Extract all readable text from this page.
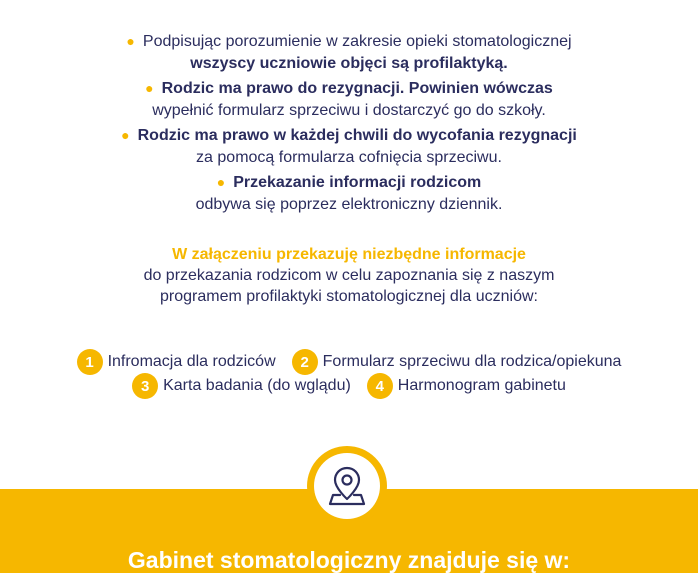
● Podpisując porozumienie w zakresie opieki stomatologicznej
wszyscy uczniowie objęci są profilaktyką.
● Rodzic ma prawo do rezygnacji. Powinien wówczas
wypełnić formularz sprzeciwu i dostarczyć go do szkoły.
● Rodzic ma prawo w każdej chwili do wycofania rezygnacji
za pomocą formularza cofnięcia sprzeciwu.
● Przekazanie informacji rodzicom
odbywa się poprzez elektroniczny dziennik.
W załączeniu przekazuję niezbędne informacje
do przekazania rodzicom w celu zapoznania się z naszym
programem profilaktyki stomatologicznej dla uczniów:
1 Infromacja dla rodziców	2 Formularz sprzeciwu dla rodzica/opiekuna
3 Karta badania (do wglądu)	4 Harmonogram gabinetu
Gabinet stomatologiczny znajduje się w:
